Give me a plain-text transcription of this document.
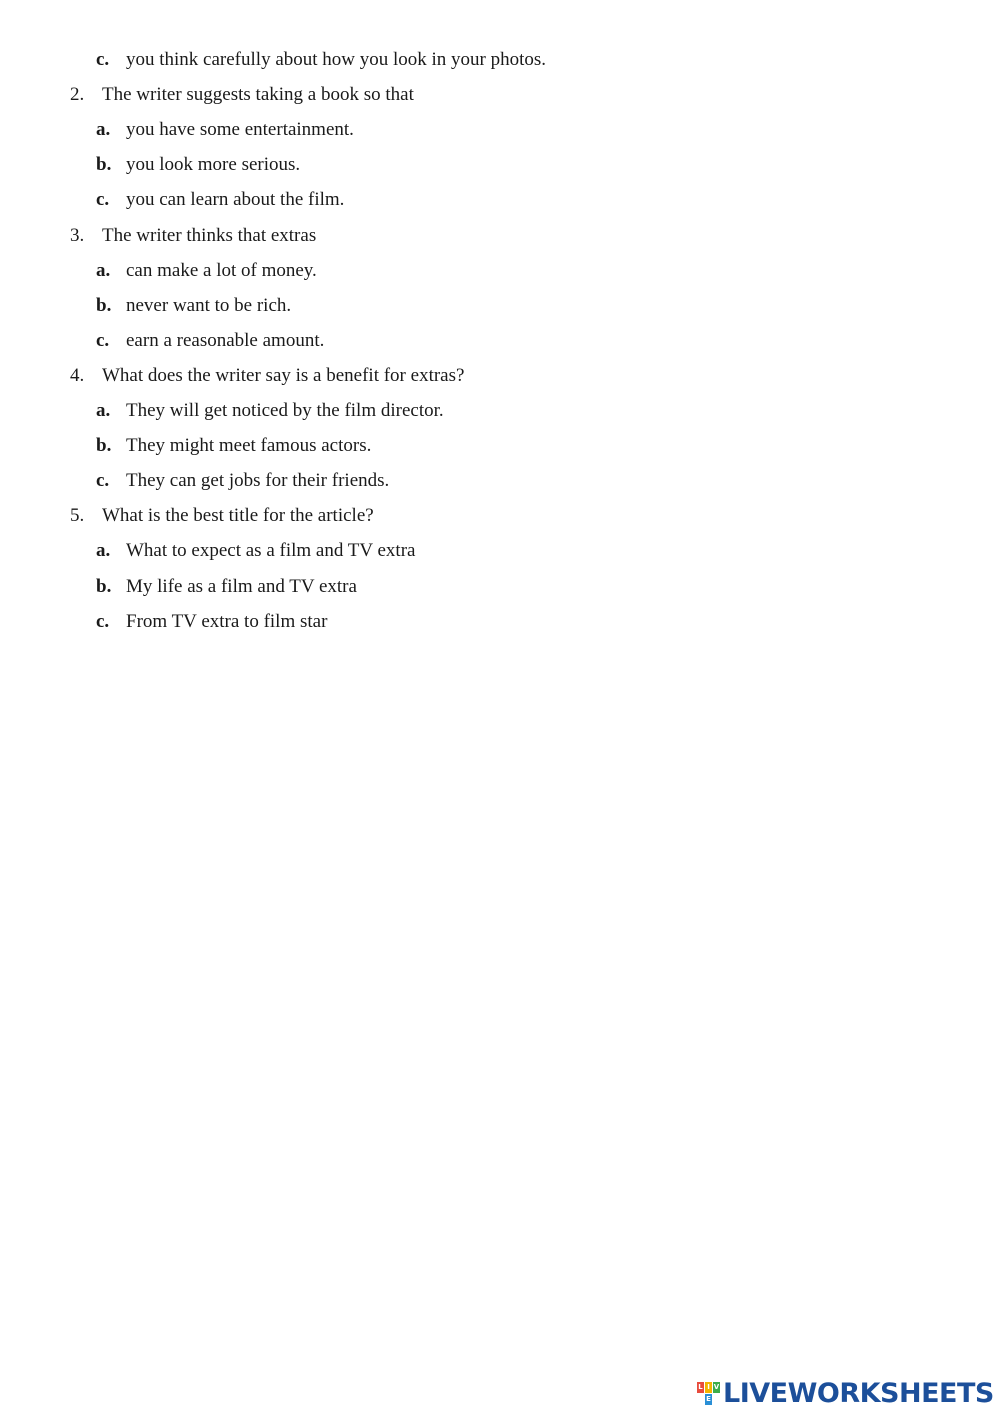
c. you think carefully about how you look in your photos.
2. The writer suggests taking a book so that
a. you have some entertainment.
b. you look more serious.
c. you can learn about the film.
3. The writer thinks that extras
a. can make a lot of money.
b. never want to be rich.
c. earn a reasonable amount.
4. What does the writer say is a benefit for extras?
a. They will get noticed by the film director.
b. They might meet famous actors.
c. They can get jobs for their friends.
5. What is the best title for the article?
a. What to expect as a film and TV extra
b. My life as a film and TV extra
c. From TV extra to film star
L I V
E LIVEWORKSHEETS
